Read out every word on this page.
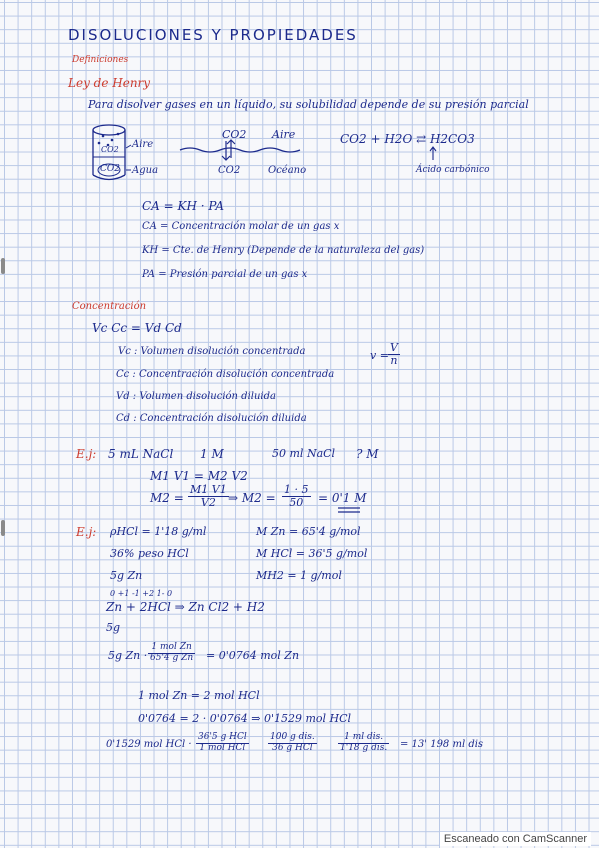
DISOLUCIONES Y PROPIEDADES
Definiciones
Ley de Henry
Para disolver gases en un líquido, su solubilidad depende de su presión parcial
CO2
CO2
Aire
Agua
CO2 Aire
CO2	Océano
CO2 + H2O ⇄ H2CO3
Ácido carbónico
CA = KH · PA
CA = Concentración molar de un gas x
KH = Cte. de Henry (Depende de la naturaleza del gas)
PA = Presión parcial de un gas x
Concentración
Vc Cc = Vd Cd
Vc : Volumen disolución concentrada
Cc : Concentración disolución concentrada
Vd : Volumen disolución diluida
Cd : Concentración disolución diluida
$v = \frac{V}{n}$
E.j: 5 mL NaCl 1 M	50 ml NaCl ? M
M1 V1 = M2 V2
$M2 = \frac{M1 V1}{V2}$ ⇒ $M2 = \frac{1 \cdot 5}{50} = 0'1$ M
E.j: ρHCl = 1'18 g/ml	M Zn = 65'4 g/mol
36% peso HCl	M HCl = 36'5 g/mol
5g Zn	MH2 = 1 g/mol
0 +1 -1 +2 1- 0
Zn + 2HCl ⇒ Zn Cl2 + H2
5g
5g Zn ·
1 mol Zn
65'4 g Zn = 0'0764 mol Zn
1 mol Zn = 2 mol HCl
0'0764 = 2 · 0'0764 ⇒ 0'1529 mol HCl
0'1529 mol HCl ·
36'5 g HCl
1 mol HCl
100 g dis.
36 g HCl
1 ml dis.
1'18 g dis. = 13' 198 ml dis
Escaneado con CamScanner
